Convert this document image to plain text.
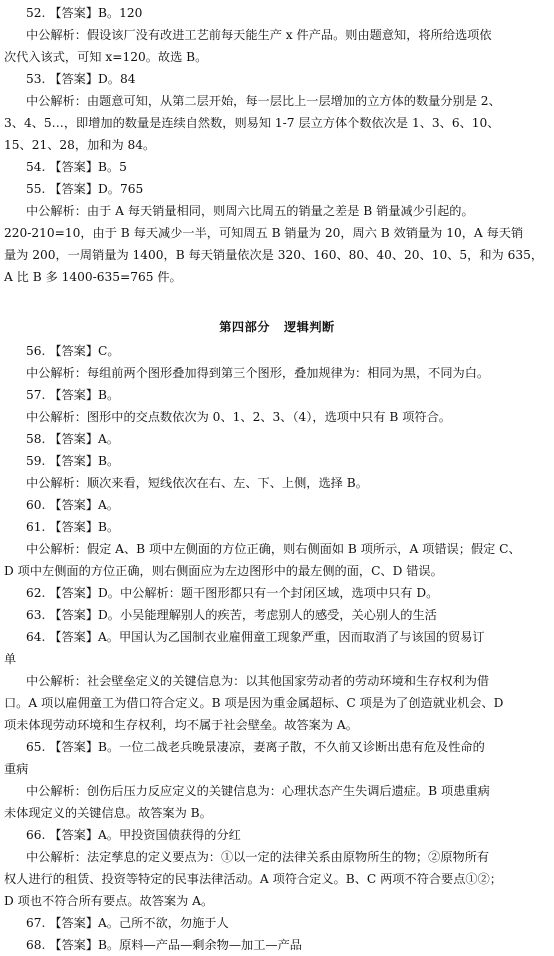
52. 【答案】B。120
中公解析：假设该厂没有改进工艺前每天能生产 x 件产品。则由题意知，将所给选项依
次代入该式，可知 x=120。故选 B。
53. 【答案】D。84
中公解析：由题意可知，从第二层开始，每一层比上一层增加的立方体的数量分别是 2、
3、4、5…，即增加的数量是连续自然数，则易知 1-7 层立方体个数依次是 1、3、6、10、
15、21、28，加和为 84。
54. 【答案】B。5
55. 【答案】D。765
中公解析：由于 A 每天销量相同，则周六比周五的销量之差是 B 销量减少引起的。
220-210=10，由于 B 每天减少一半，可知周五 B 销量为 20，周六 B 效销量为 10，A 每天销
量为 200，一周销量为 1400，B 每天销量依次是 320、160、80、40、20、10、5，和为 635，
A 比 B 多 1400-635=765 件。
第四部分 逻辑判断
56. 【答案】C。
中公解析：每组前两个图形叠加得到第三个图形，叠加规律为：相同为黑，不同为白。
57. 【答案】B。
中公解析：图形中的交点数依次为 0、1、2、3、（4），选项中只有 B 项符合。
58. 【答案】A。
59. 【答案】B。
中公解析：顺次来看，短线依次在右、左、下、上侧，选择 B。
60. 【答案】A。
61. 【答案】B。
中公解析：假定 A、B 项中左侧面的方位正确，则右侧面如 B 项所示，A 项错误；假定 C、
D 项中左侧面的方位正确，则右侧面应为左边图形中的最左侧的面，C、D 错误。
62. 【答案】D。中公解析：题干图形都只有一个封闭区域，选项中只有 D。
63. 【答案】D。小吴能理解别人的疾苦，考虑别人的感受，关心别人的生活
64. 【答案】A。甲国认为乙国制衣业雇佣童工现象严重，因而取消了与该国的贸易订
单
中公解析：社会壁垒定义的关键信息为：以其他国家劳动者的劳动环境和生存权利为借
口。A 项以雇佣童工为借口符合定义。B 项是因为重金属超标、C 项是为了创造就业机会、D
项未体现劳动环境和生存权利，均不属于社会壁垒。故答案为 A。
65. 【答案】B。一位二战老兵晚景凄凉，妻离子散，不久前又诊断出患有危及性命的
重病
中公解析：创伤后压力反应定义的关键信息为：心理状态产生失调后遗症。B 项患重病
未体现定义的关键信息。故答案为 B。
66. 【答案】A。甲投资国债获得的分红
中公解析：法定孳息的定义要点为：①以一定的法律关系由原物所生的物；②原物所有
权人进行的租赁、投资等特定的民事法律活动。A 项符合定义。B、C 两项不符合要点①②；
D 项也不符合所有要点。故答案为 A。
67. 【答案】A。己所不欲，勿施于人
68. 【答案】B。原料—产品—剩余物—加工—产品
